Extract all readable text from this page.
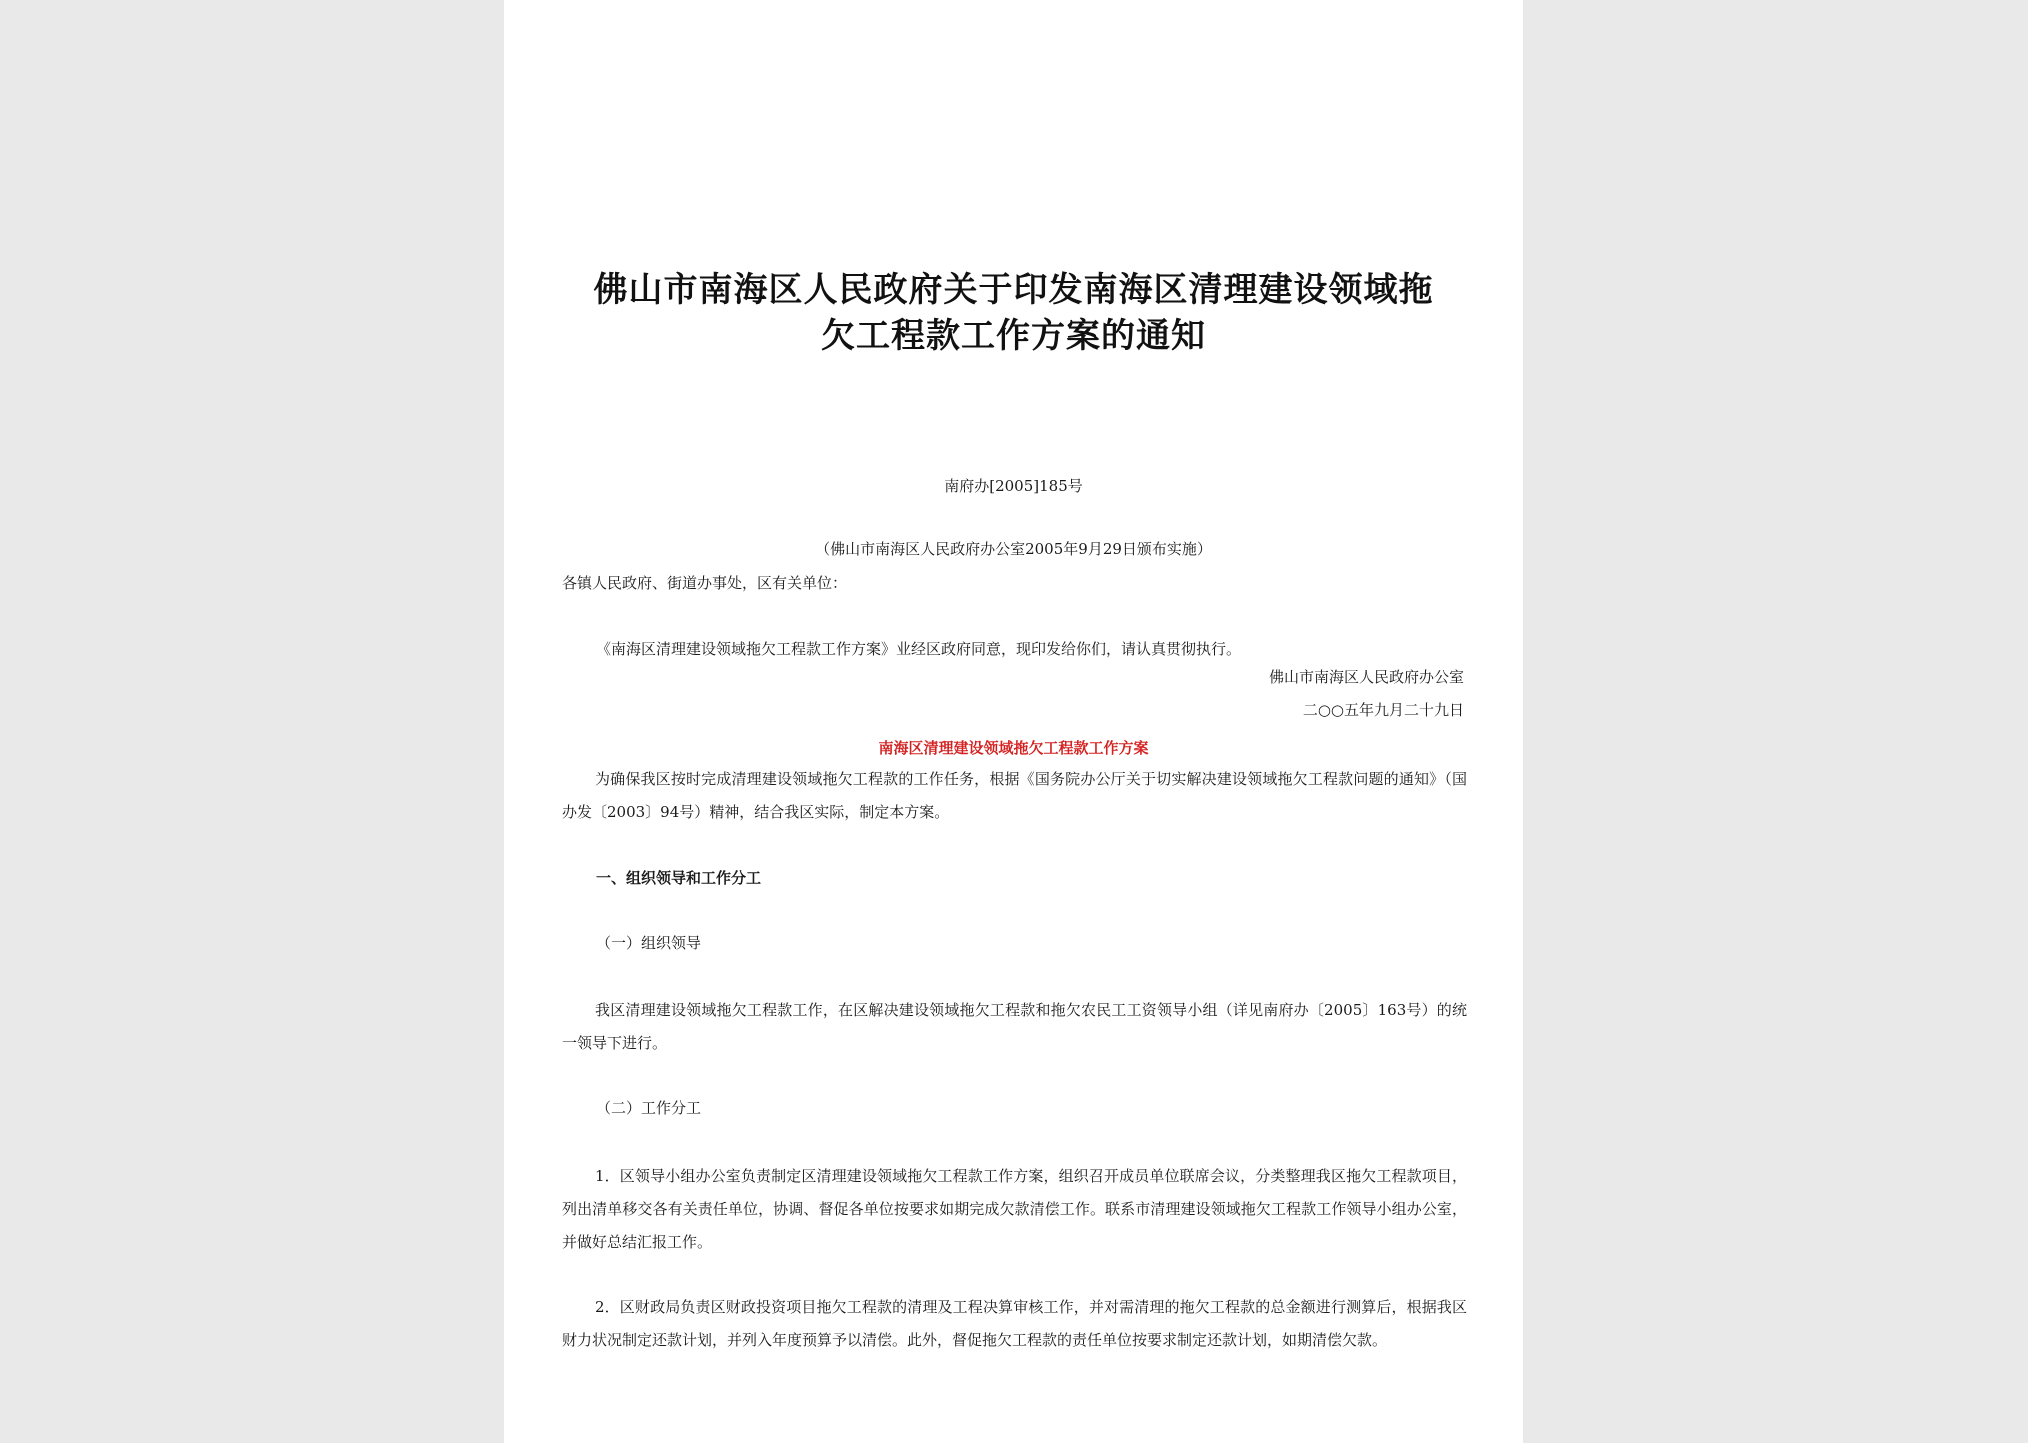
佛山市南海区人民政府关于印发南海区清理建设领域拖

欠工程款工作方案的通知

南府办[2005]185号

（佛山市南海区人民政府办公室2005年9月29日颁布实施）

各镇人民政府、街道办事处，区有关单位：

《南海区清理建设领域拖欠工程款工作方案》业经区政府同意，现印发给你们，请认真贯彻执行。

佛山市南海区人民政府办公室

二○○五年九月二十九日

南海区清理建设领域拖欠工程款工作方案

为确保我区按时完成清理建设领域拖欠工程款的工作任务，根据《国务院办公厅关于切实解决建设领域拖欠工程款问题的通知》（国办发〔2003〕94号）精神，结合我区实际，制定本方案。

一、组织领导和工作分工

（一）组织领导

我区清理建设领域拖欠工程款工作，在区解决建设领域拖欠工程款和拖欠农民工工资领导小组（详见南府办〔2005〕163号）的统一领导下进行。

（二）工作分工

1．区领导小组办公室负责制定区清理建设领域拖欠工程款工作方案，组织召开成员单位联席会议，分类整理我区拖欠工程款项目，列出清单移交各有关责任单位，协调、督促各单位按要求如期完成欠款清偿工作。联系市清理建设领域拖欠工程款工作领导小组办公室，并做好总结汇报工作。

2．区财政局负责区财政投资项目拖欠工程款的清理及工程决算审核工作，并对需清理的拖欠工程款的总金额进行测算后，根据我区财力状况制定还款计划，并列入年度预算予以清偿。此外，督促拖欠工程款的责任单位按要求制定还款计划，如期清偿欠款。
